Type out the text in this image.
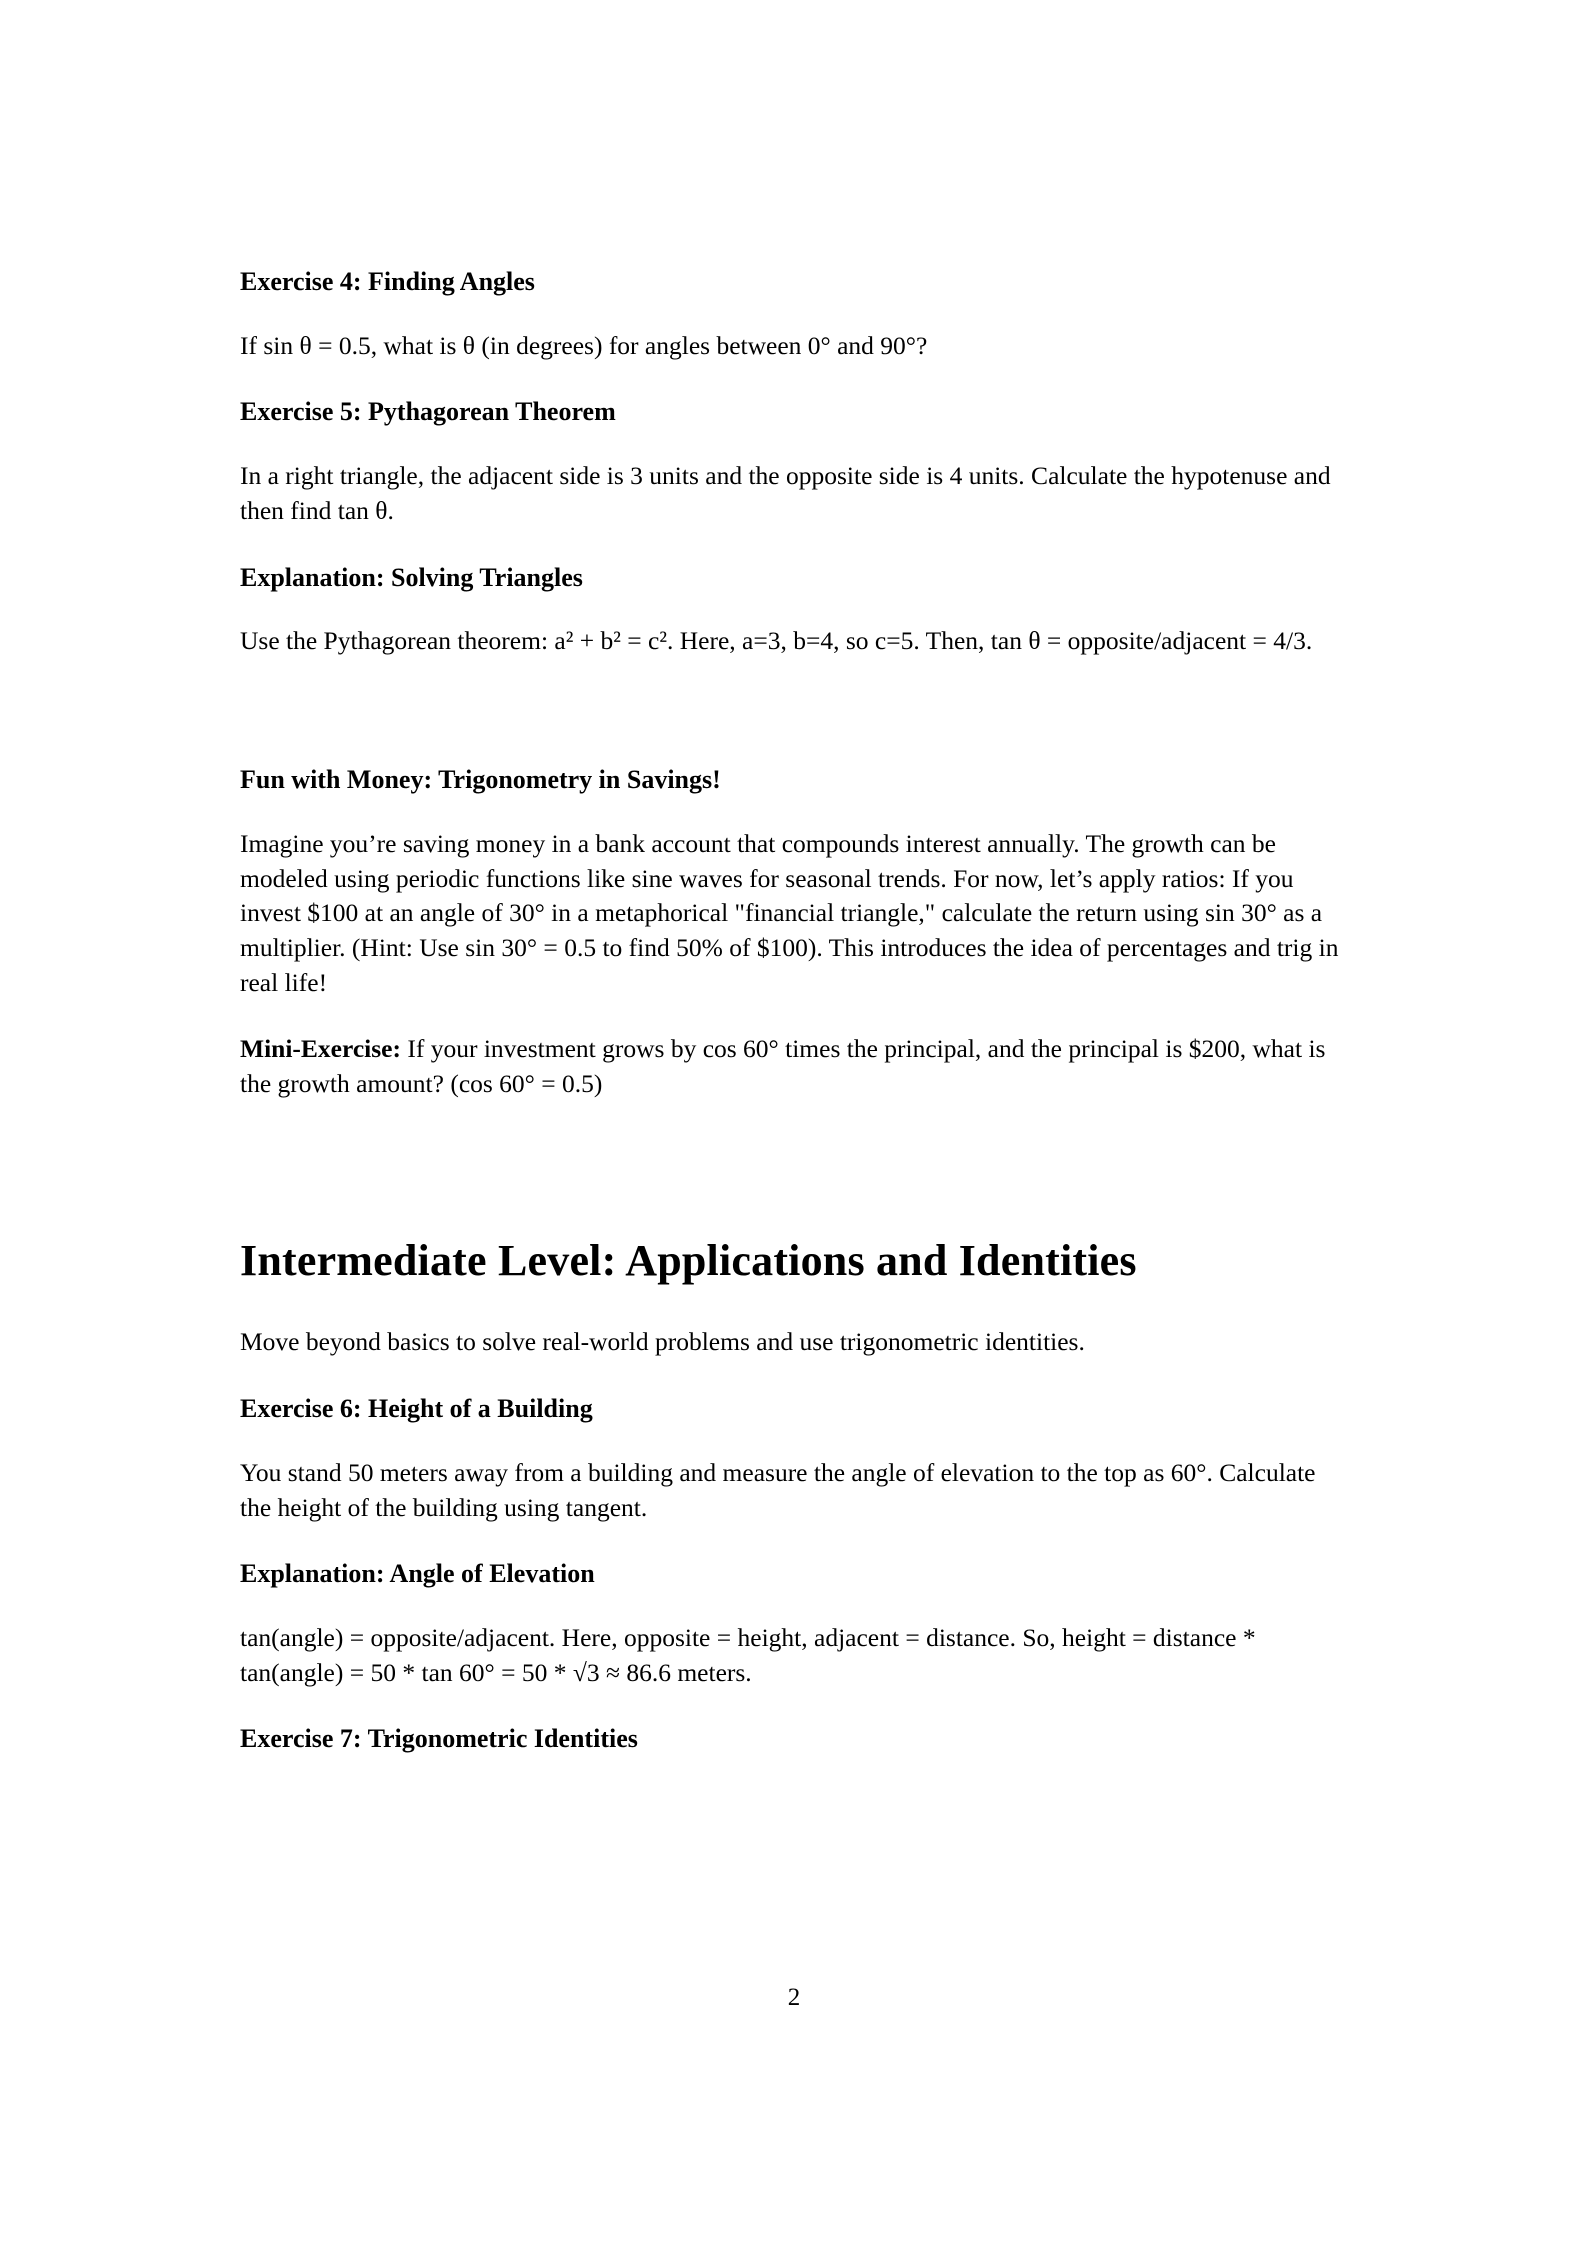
Exercise 4: Finding Angles

If sin θ = 0.5, what is θ (in degrees) for angles between 0° and 90°?

Exercise 5: Pythagorean Theorem

In a right triangle, the adjacent side is 3 units and the opposite side is 4 units. Calculate the hypotenuse and then find tan θ.

Explanation: Solving Triangles

Use the Pythagorean theorem: a² + b² = c². Here, a=3, b=4, so c=5. Then, tan θ = opposite/adjacent = 4/3.

Fun with Money: Trigonometry in Savings!

Imagine you’re saving money in a bank account that compounds interest annually. The growth can be modeled using periodic functions like sine waves for seasonal trends. For now, let’s apply ratios: If you invest $100 at an angle of 30° in a metaphorical "financial triangle," calculate the return using sin 30° as a multiplier. (Hint: Use sin 30° = 0.5 to find 50% of $100). This introduces the idea of percentages and trig in real life!

Mini-Exercise: If your investment grows by cos 60° times the principal, and the principal is $200, what is the growth amount? (cos 60° = 0.5)

Intermediate Level: Applications and Identities

Move beyond basics to solve real-world problems and use trigonometric identities.

Exercise 6: Height of a Building

You stand 50 meters away from a building and measure the angle of elevation to the top as 60°. Calculate the height of the building using tangent.

Explanation: Angle of Elevation

tan(angle) = opposite/adjacent. Here, opposite = height, adjacent = distance. So, height = distance * tan(angle) = 50 * tan 60° = 50 * √3 ≈ 86.6 meters.

Exercise 7: Trigonometric Identities
2
